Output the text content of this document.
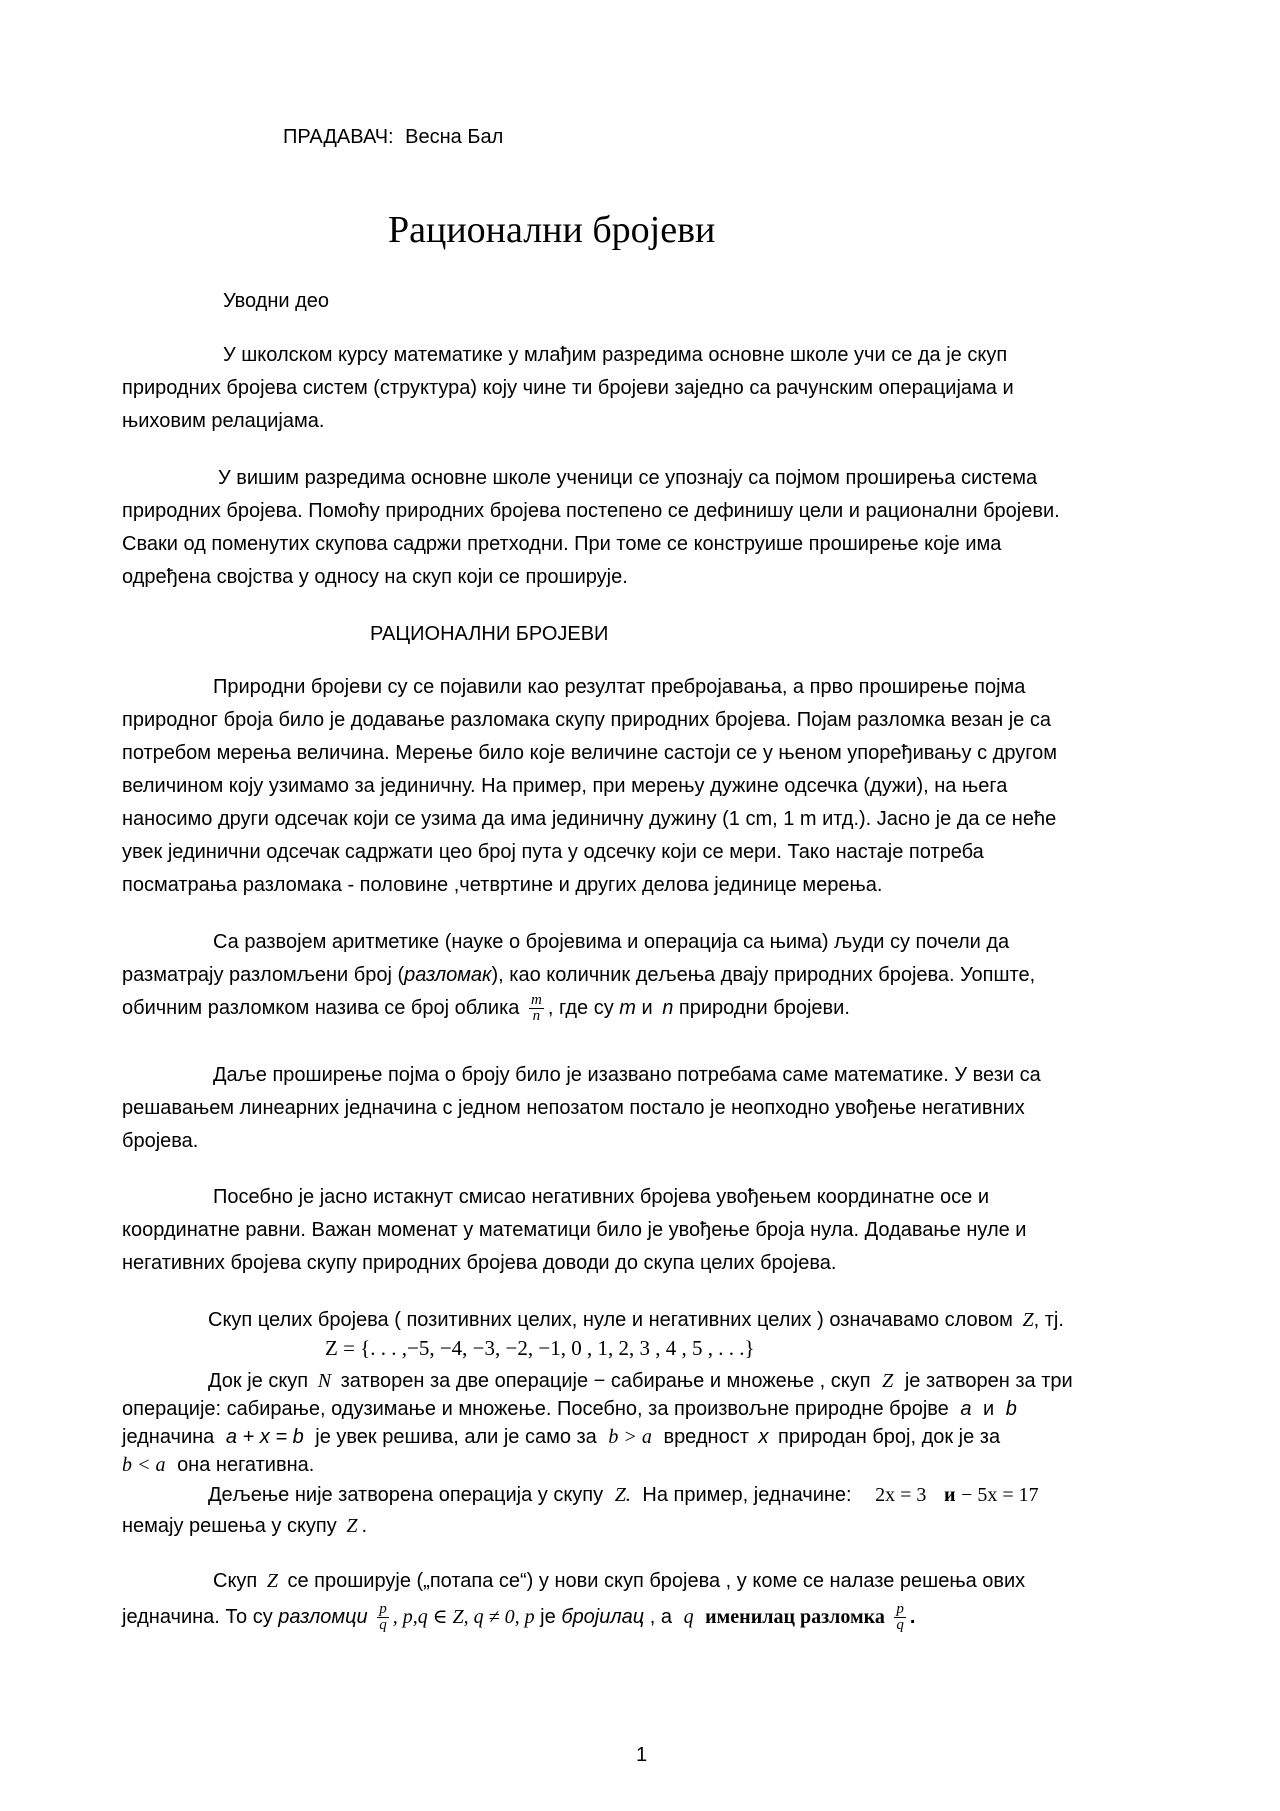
ПРАДАВАЧ: Весна Бал
Рационални бројеви
Уводни део
У школском курсу математике у млађим разредима основне школе учи се да је скуп
природних бројева систем (структура) коју чине ти бројеви заједно са рачунским операцијама и
њиховим релацијама.
У вишим разредима основне школе ученици се упознају са појмом проширења система
природних бројева. Помоћу природних бројева постепено се дефинишу цели и рационални бројеви.
Сваки од поменутих скупова садржи претходни. При томе се конструише проширење које има
одређена својства у односу на скуп који се проширује.
РАЦИОНАЛНИ БРОЈЕВИ
Природни бројеви су се појавили као резултат пребројавања, а прво проширење појма
природног броја било је додавање разломака скупу природних бројева. Појам разломка везан је са
потребом мерења величина. Мерење било које величине састоји се у њеном упоређивању с другом
величином коју узимамо за јединичну. На пример, при мерењу дужине одсечка (дужи), на њега
наносимо други одсечак који се узима да има јединичну дужину (1 cm, 1 m итд.). Јасно је да се неће
увек јединични одсечак садржати цео број пута у одсечку који се мери. Тако настаје потреба
посматрања разломака - половине ,четвртине и других делова јединице мерења.
Са развојем аритметике (науке о бројевима и операција са њима) људи су почели да
разматрају разломљени број (разломак), као количник дељења двају природних бројева. Уопште,
обичним разломком назива се број облика $\frac{m}{n}$ , где су m и n природни бројеви.
Даље проширење појма о броју било је изазвано потребама саме математике. У вези са
решавањем линеарних једначина с једном непозатом постало је неопходно увођење негативних
бројева.
Посебно је јасно истакнут смисао негативних бројева увођењем координатне осе и
координатне равни. Важан моменат у математици било је увођење броја нула. Додавање нуле и
негативних бројева скупу природних бројева доводи до скупа целих бројева.
Скуп целих бројева ( позитивних целих, нуле и негативних целих ) означавамо словом Z, тј.
Z = {. . . ,−5, −4, −3, −2, −1, 0 , 1, 2, 3 , 4 , 5 , . . .}
Док је скуп N затворен за две операције − сабирање и множење , скуп Z је затворен за три
операције: сабирање, одузимање и множење. Посебно, за произвољне природне бројве a и b
једначина a + x = b је увек решива, али је само за b > a вредност x природан број, док је за
b < a она негативна.
Дељење није затворена операција у скупу Z. На пример, једначине: 2x = 3 и − 5x = 17
немају решења у скупу Z .
Скуп Z се проширује („потапа се“) у нови скуп бројева , у коме се налазе решења ових
једначина. То су разломци $\frac{p}{q}$ , p,q ∈ Z, q ≠ 0, p је бројилац , а q именилац разломка $\frac{p}{q}$ .
1
